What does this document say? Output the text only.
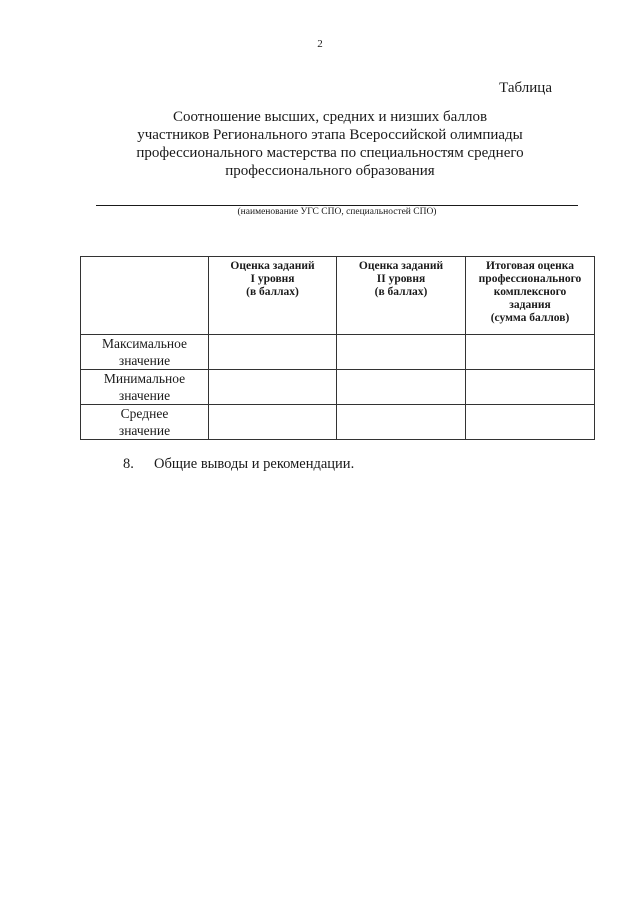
2
Таблица
Соотношение высших, средних и низших баллов
участников Регионального этапа Всероссийской олимпиады
профессионального мастерства по специальностям среднего
профессионального образования
(наименование УГС СПО, специальностей СПО)

	Оценка заданий
I уровня
(в баллах)	Оценка заданий
II уровня
(в баллах)	Итоговая оценка
профессионального
комплексного
задания
(сумма баллов)

Максимальное
значение			

Минимальное
значение			

Среднее
значение			

8. Общие выводы и рекомендации.
